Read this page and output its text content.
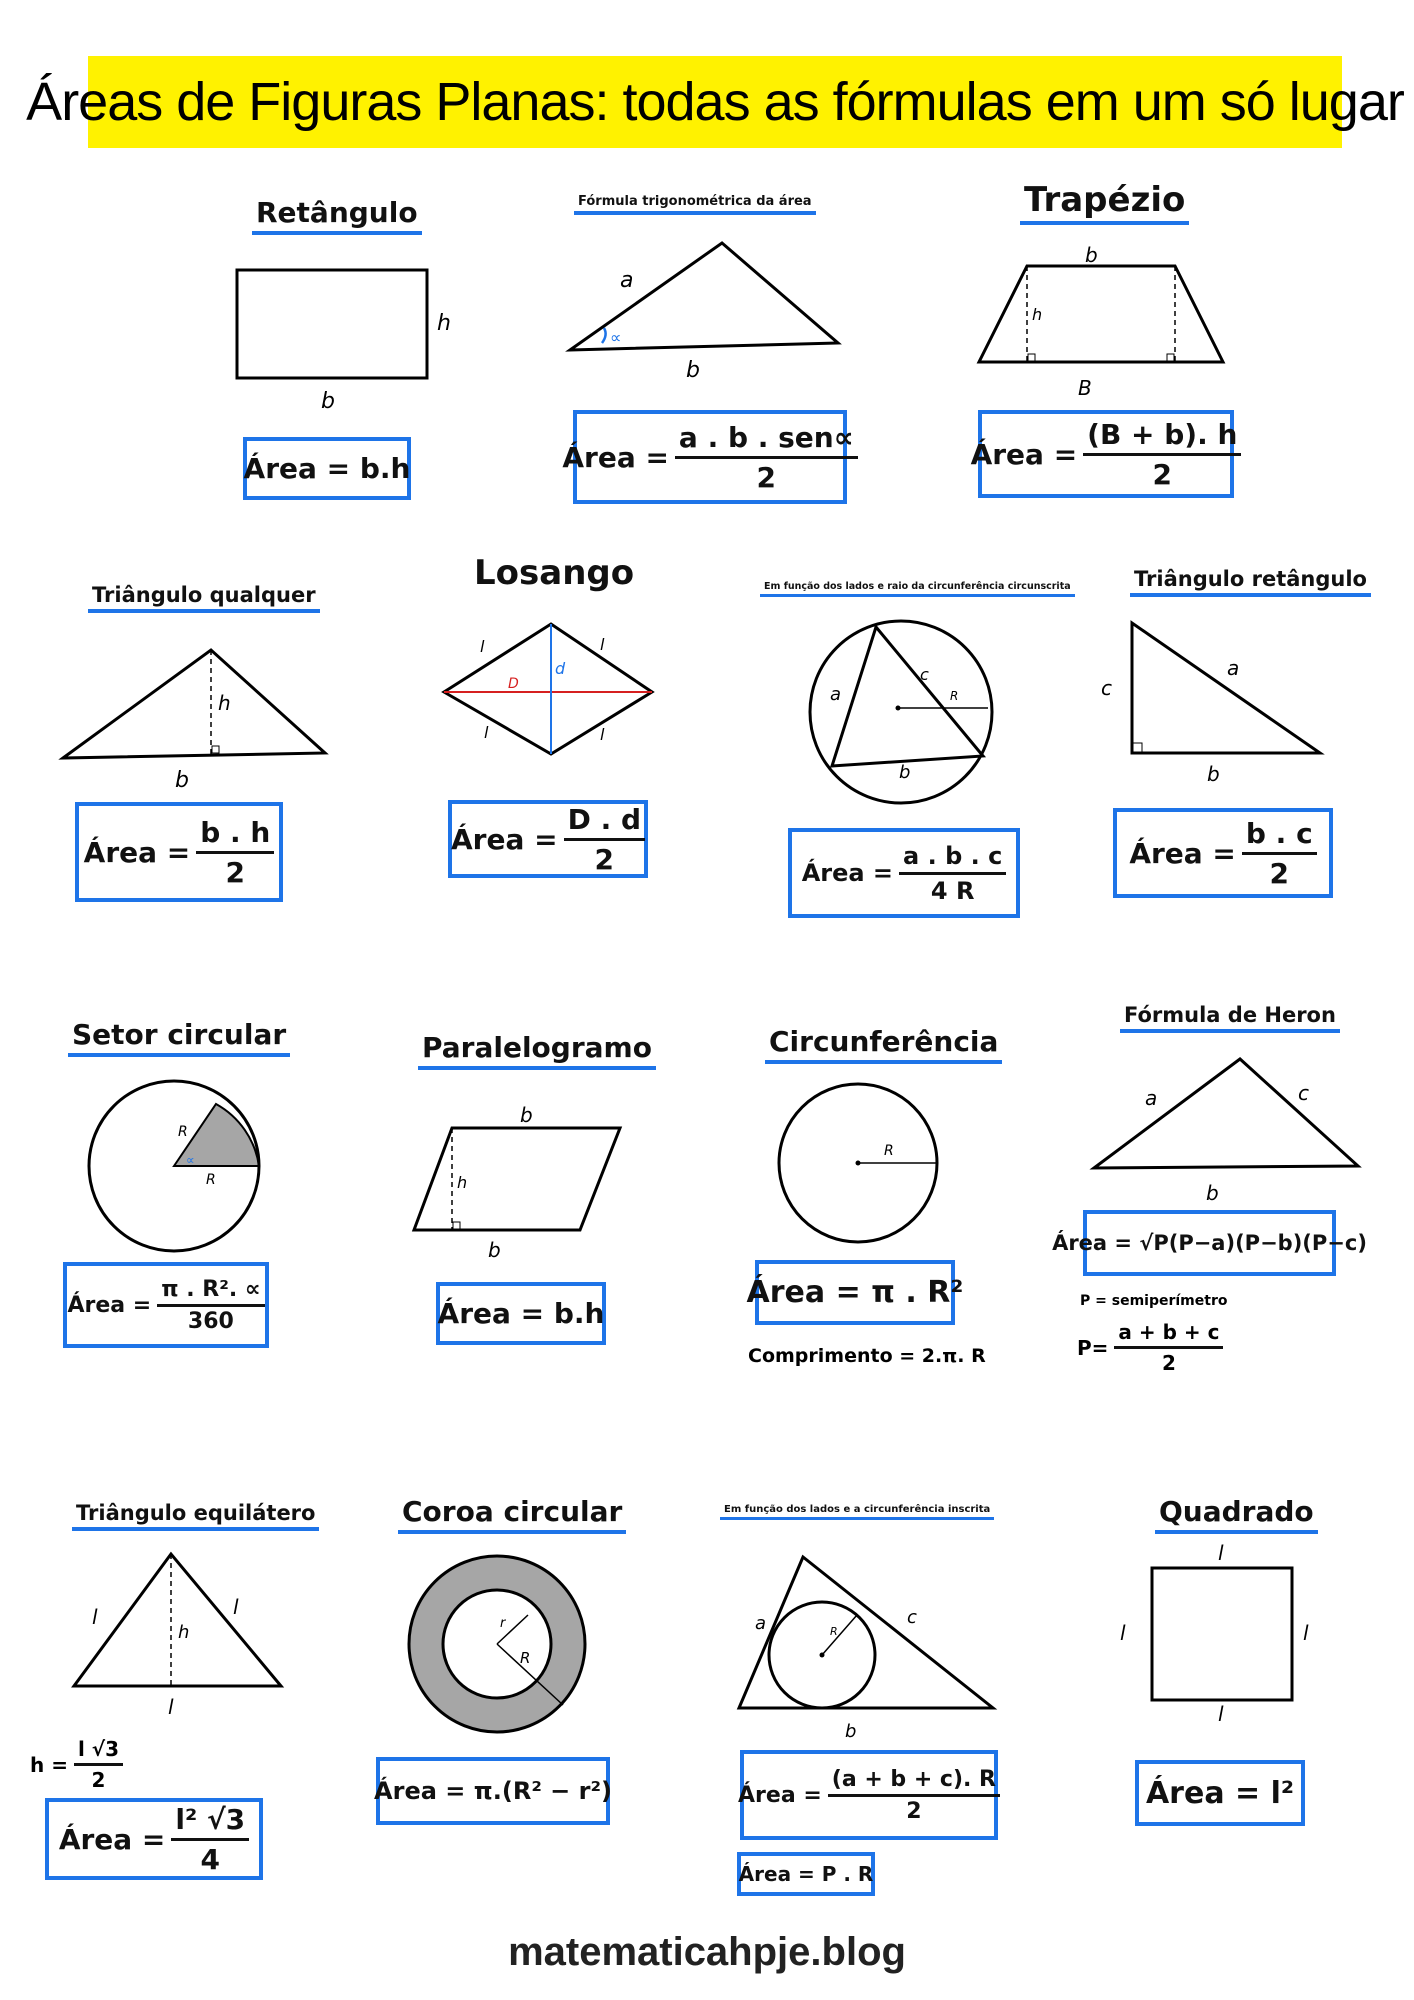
Áreas de Figuras Planas: todas as fórmulas em um só lugar
Retângulo
h
b
Área =
b.h
Fórmula trigonométrica da área
∝
a
b
Área = $\frac{\text{a . b . sen∝}}{2}$
Trapézio
b
h
B
Área = $\frac{(B + b). h}{2}$
Triângulo qualquer
h
b
Área = $\frac{b . h}{2}$
Losango
D
d
l	l
l	l
Área = $\frac{D . d}{2}$
Em função dos lados e raio da circunferência circunscrita
R
a
c
b
Área = $\frac{a . b . c}{4 R}$
Triângulo retângulo
c
a
b
Área = $\frac{b . c}{2}$
Setor circular
R
R
∝
Área = $\frac{\text{π . R². ∝}}{360}$
Paralelogramo
b
h
b
Área =
b.h
Circunferência
R
Área =
π . R²
Comprimento = 2.π. R
Fórmula de Heron
a	c
b
Área =
√P(P−a)(P−b)(P−c)
P = semiperímetro
$P= \frac{a + b + c}{2}$
Triângulo equilátero
h
l	l
l
$h = \frac{l √3}{2}$
Área = $\frac{\text{l² √3}}{4}$
Coroa circular
r
R
Área =
π.(R² − r²)
Em função dos lados e a circunferência inscrita
R
a	c
b
Área = $\frac{(a + b + c). R}{2}$
Área =
P . R
Quadrado
l
l	l
l
Área =
l²
matematicahpje.blog
